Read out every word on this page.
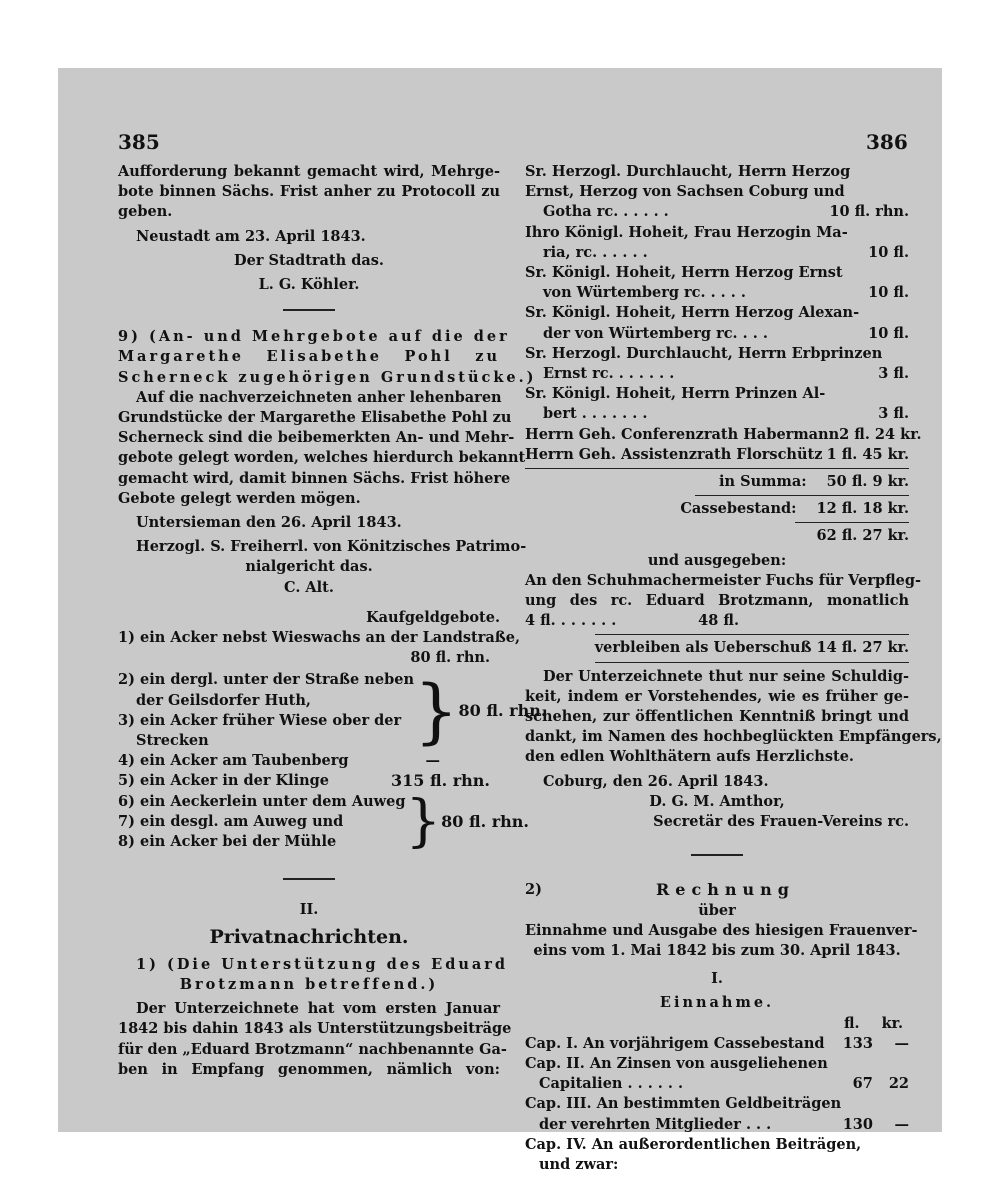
385	386
Aufforderung bekannt gemacht wird, Mehrge-
bote binnen Sächs. Frist anher zu Protocoll zu
geben.
Neustadt am 23. April 1843.
Der Stadtrath das.
L. G. Köhler.
9) (An- und Mehrgebote auf die der
Margarethe Elisabethe Pohl zu
Scherneck zugehörigen Grundstücke.)
Auf die nachverzeichneten anher lehenbaren
Grundstücke der Margarethe Elisabethe Pohl zu
Scherneck sind die beibemerkten An- und Mehr-
gebote gelegt worden, welches hierdurch bekannt
gemacht wird, damit binnen Sächs. Frist höhere
Gebote gelegt werden mögen.
Untersieman den 26. April 1843.
Herzogl. S. Freiherrl. von Könitzisches Patrimo-
nialgericht das.
C. Alt.
Kaufgeldgebote.
1) ein Acker nebst Wieswachs an der Landstraße,
80 fl. rhn.
2) ein dergl. unter der Straße neben
der Geilsdorfer Huth,
3) ein Acker früher Wiese ober der
Strecken	}	80 fl. rhn.
4) ein Acker am Taubenberg	—
5) ein Acker in der Klinge	315 fl. rhn.
6) ein Aeckerlein unter dem Auweg
7) ein desgl. am Auweg und
8) ein Acker bei der Mühle	}	80 fl. rhn.
II.
Privatnachrichten.
1) (Die Unterstützung des Eduard
Brotzmann betreffend.)
Der Unterzeichnete hat vom ersten Januar
1842 bis dahin 1843 als Unterstützungsbeiträge
für den „Eduard Brotzmann“ nachbenannte Ga-
ben in Empfang genommen, nämlich von:
Sr. Herzogl. Durchlaucht, Herrn Herzog
Ernst, Herzog von Sachsen Coburg und
Gotha rc. . . . . .	10 fl. rhn.
Ihro Königl. Hoheit, Frau Herzogin Ma-
ria, rc. . . . . .	10 fl.
Sr. Königl. Hoheit, Herrn Herzog Ernst
von Würtemberg rc. . . . .	10 fl.
Sr. Königl. Hoheit, Herrn Herzog Alexan-
der von Würtemberg rc. . . .	10 fl.
Sr. Herzogl. Durchlaucht, Herrn Erbprinzen
Ernst rc. . . . . . .	3 fl.
Sr. Königl. Hoheit, Herrn Prinzen Al-
bert . . . . . . .	3 fl.
Herrn Geh. Conferenzrath Habermann 2 fl. 24 kr.
Herrn Geh. Assistenzrath Florschütz 1 fl. 45 kr.
in Summa: 50 fl. 9 kr.
Cassebestand: 12 fl. 18 kr.
62 fl. 27 kr.
und ausgegeben:
An den Schuhmachermeister Fuchs für Verpfleg-
ung des rc. Eduard Brotzmann, monatlich
4 fl. . . . . . .	48 fl.
verbleiben als Ueberschuß 14 fl. 27 kr.
Der Unterzeichnete thut nur seine Schuldig-
keit, indem er Vorstehendes, wie es früher ge-
schehen, zur öffentlichen Kenntniß bringt und
dankt, im Namen des hochbeglückten Empfängers,
den edlen Wohlthätern aufs Herzlichste.
Coburg, den 26. April 1843.
D. G. M. Amthor,
Secretär des Frauen-Vereins rc.
2)	Rechnung
über
Einnahme und Ausgabe des hiesigen Frauenver-
eins vom 1. Mai 1842 bis zum 30. April 1843.
I.
Einnahme.
fl. kr.
Cap. I. An vorjährigem Cassebestand 133	—
Cap. II. An Zinsen von ausgeliehenen
Capitalien . . . . . .	67 22
Cap. III. An bestimmten Geldbeiträgen
der verehrten Mitglieder . . .	130	—
Cap. IV. An außerordentlichen Beiträgen,
und zwar:
